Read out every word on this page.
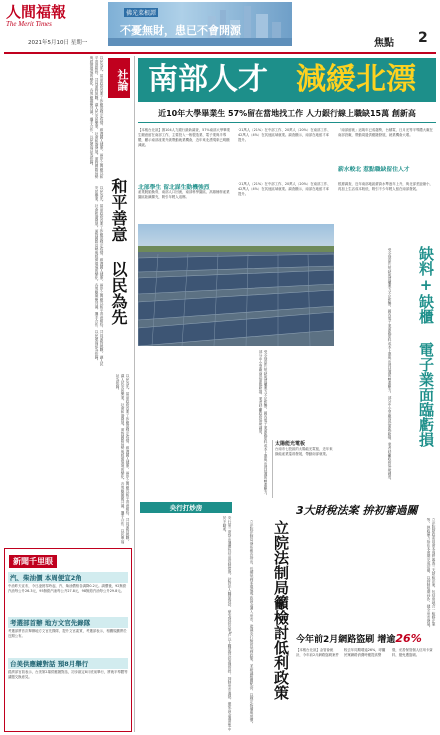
人間福報
The Merit Times
2021年5月10日 星期一
佛光菜根譚
不憂無財，患已不會開源
焦點 2
以民為先，當前政府首要工作應是穩定疫情，維護國人健康，兩岸之間應以和平善意相待，共同面對挑戰，讓人民安居樂業，社會和諧發展。面對國際局勢與經濟環境的變化，各界應凝聚共識，攜手合作，以民眾福祉為依歸。	社論
和平善意 以民為先
以民為先，當前政府首要工作應是穩定疫情，維護國人健康，兩岸之間應以和平善意相待，共同面對挑戰，讓人民安居樂業，社會和諧發展。面對國際局勢與經濟環境的變化，各界應凝聚共識，攜手合作，以民眾福祉為依歸。
以民為先，當前政府首要工作應是穩定疫情，維護國人健康，兩岸之間應以和平善意相待，共同面對挑戰，讓人民安居樂業，社會和諧發展。面對國際局勢與經濟環境的變化，各界應凝聚共識，攜手合作，以民眾福祉為依歸。
新聞千里眼
汽、柴油價 本周便宜2角
中油昨天宣布，今日凌晨零時起，汽、柴油價格各調降0.2元。調價後，92無鉛汽油每公升26.3元，95無鉛汽油每公升27.8元，98無鉛汽油每公升29.8元。
考選部首辦 地方文官先錄隊
考選部將首次舉辦地方文官先錄隊，提升文官素質，考選部表示，相關規劃將於近期公布。
台美供應鏈對話 預8月舉行
經濟部官員表示，台美第2場供應鏈對話，初步敲定8月底前舉行，將就半導體等議題交換意見。
南部人才 減緩北漂
近10年大學畢業生 57%留在當地找工作 人力銀行線上職缺15萬 創新高
【本報台北訊】據104人力銀行最新調查，57%南部大學畢業生願意留在南部工作，主要投入一般製造業、電子業與半導體，顯示南部產業升級帶動就業機會，近年來北漂現象已明顯減緩。
‧21萬人（21%）在中部工作、20萬人（20%）在南部工作、42萬人（4%）在其他區域就業。調查顯示，南部在地留才率提升。
「南部留就」這幾年已成趨勢，台積電、日月光等半導體大廠在南部設廠，帶動周邊供應鏈發展，就業機會大增。
薪水較北 惹點職缺留住人才
北部學生 留北謀生動機強烈
產業脫胎換骨，南部人口回流，南部科學園區、高雄楠梓產業園區陸續擴充，吸引年輕人返鄉。
‧21萬人（21%）在中部工作、20萬人（20%）在南部工作、42萬人（4%）在其他區域就業。調查顯示，南部在地留才率提升。
根據調查，近年南部地區薪資水準逐年上升，與北部差距縮小，再加上生活成本較低，吸引不少年輕人留在南部發展。
缺料+缺櫃 電子業面臨虧損
受全球晶片短缺與貨櫃運力不足影響，國內電子業面臨原料成本上漲與出貨延遲的雙重壓力，部分中小型廠商恐面臨虧損，業者呼籲政府協助調度。
受全球晶片短缺與貨櫃運力不足影響，國內電子業面臨原料成本上漲與出貨延遲的雙重壓力，部分中小型廠商恐面臨虧損，業者呼籲政府協助調度。
太陽能光電板
台南市七股區的太陽能光電板，近年來綠能產業蓬勃發展，帶動南部就業。
央行打炒房
央行第三度祭出選擇性信用管制措施，針對法人購屋貸款、豪宅貸款及第3戶以上購屋貸款加強管控，抑制房市過熱，避免資金過度集中於不動產。	立院法制局籲檢討低利政策
立法院法制局發布報告指出，長期低利率環境導致資金湧入房市，建議央行檢討低利政策，並研議相關配套，以穩定物價與房價。
3大財稅法案 拚初審過關
立法院財政委員會本周將審查三大財稅法案，包括房地合一稅修正案等，執政黨力拚在本會期完成初審，以抑制短期炒作，健全房市發展。
今年前2月網路盜刷 增逾26%
【本報台北訊】金管會統計，今年前2月網路盜刷案件較去年同期增逾26%，呼籲民眾網路消費時應提高警覺，妥善保管個人信用卡資料，避免遭盜刷。
